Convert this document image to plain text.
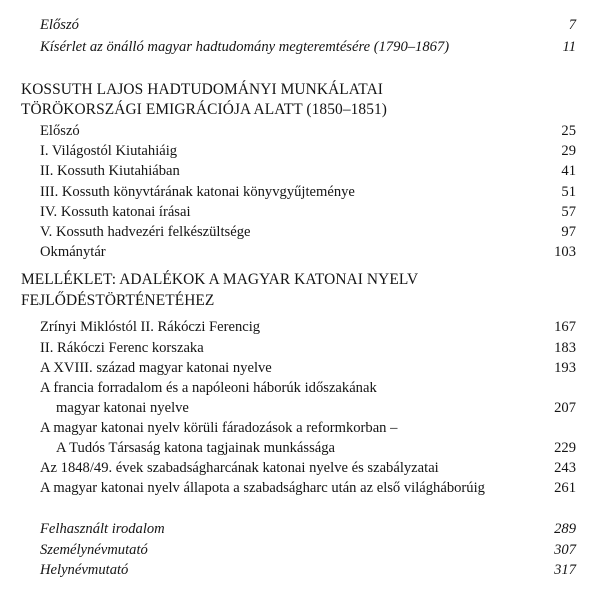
Előszó	7
Kísérlet az önálló magyar hadtudomány megteremtésére (1790–1867)	11
KOSSUTH LAJOS HADTUDOMÁNYI MUNKÁLATAI
TÖRÖKORSZÁGI EMIGRÁCIÓJA ALATT (1850–1851)
Előszó	25
I. Világostól Kiutahiáig	29
II. Kossuth Kiutahiában	41
III. Kossuth könyvtárának katonai könyvgyűjteménye	51
IV. Kossuth katonai írásai	57
V. Kossuth hadvezéri felkészültsége	97
Okmánytár	103
MELLÉKLET: ADALÉKOK A MAGYAR KATONAI NYELV
FEJLŐDÉSTÖRTÉNETÉHEZ
Zrínyi Miklóstól II. Rákóczi Ferencig	167
II. Rákóczi Ferenc korszaka	183
A XVIII. század magyar katonai nyelve	193
A francia forradalom és a napóleoni háborúk időszakának
magyar katonai nyelve	207
A magyar katonai nyelv körüli fáradozások a reformkorban –
A Tudós Társaság katona tagjainak munkássága	229
Az 1848/49. évek szabadságharcának katonai nyelve és szabályzatai	243
A magyar katonai nyelv állapota a szabadságharc után az első világháborúig	261
Felhasznált irodalom	289
Személynévmutató	307
Helynévmutató	317
